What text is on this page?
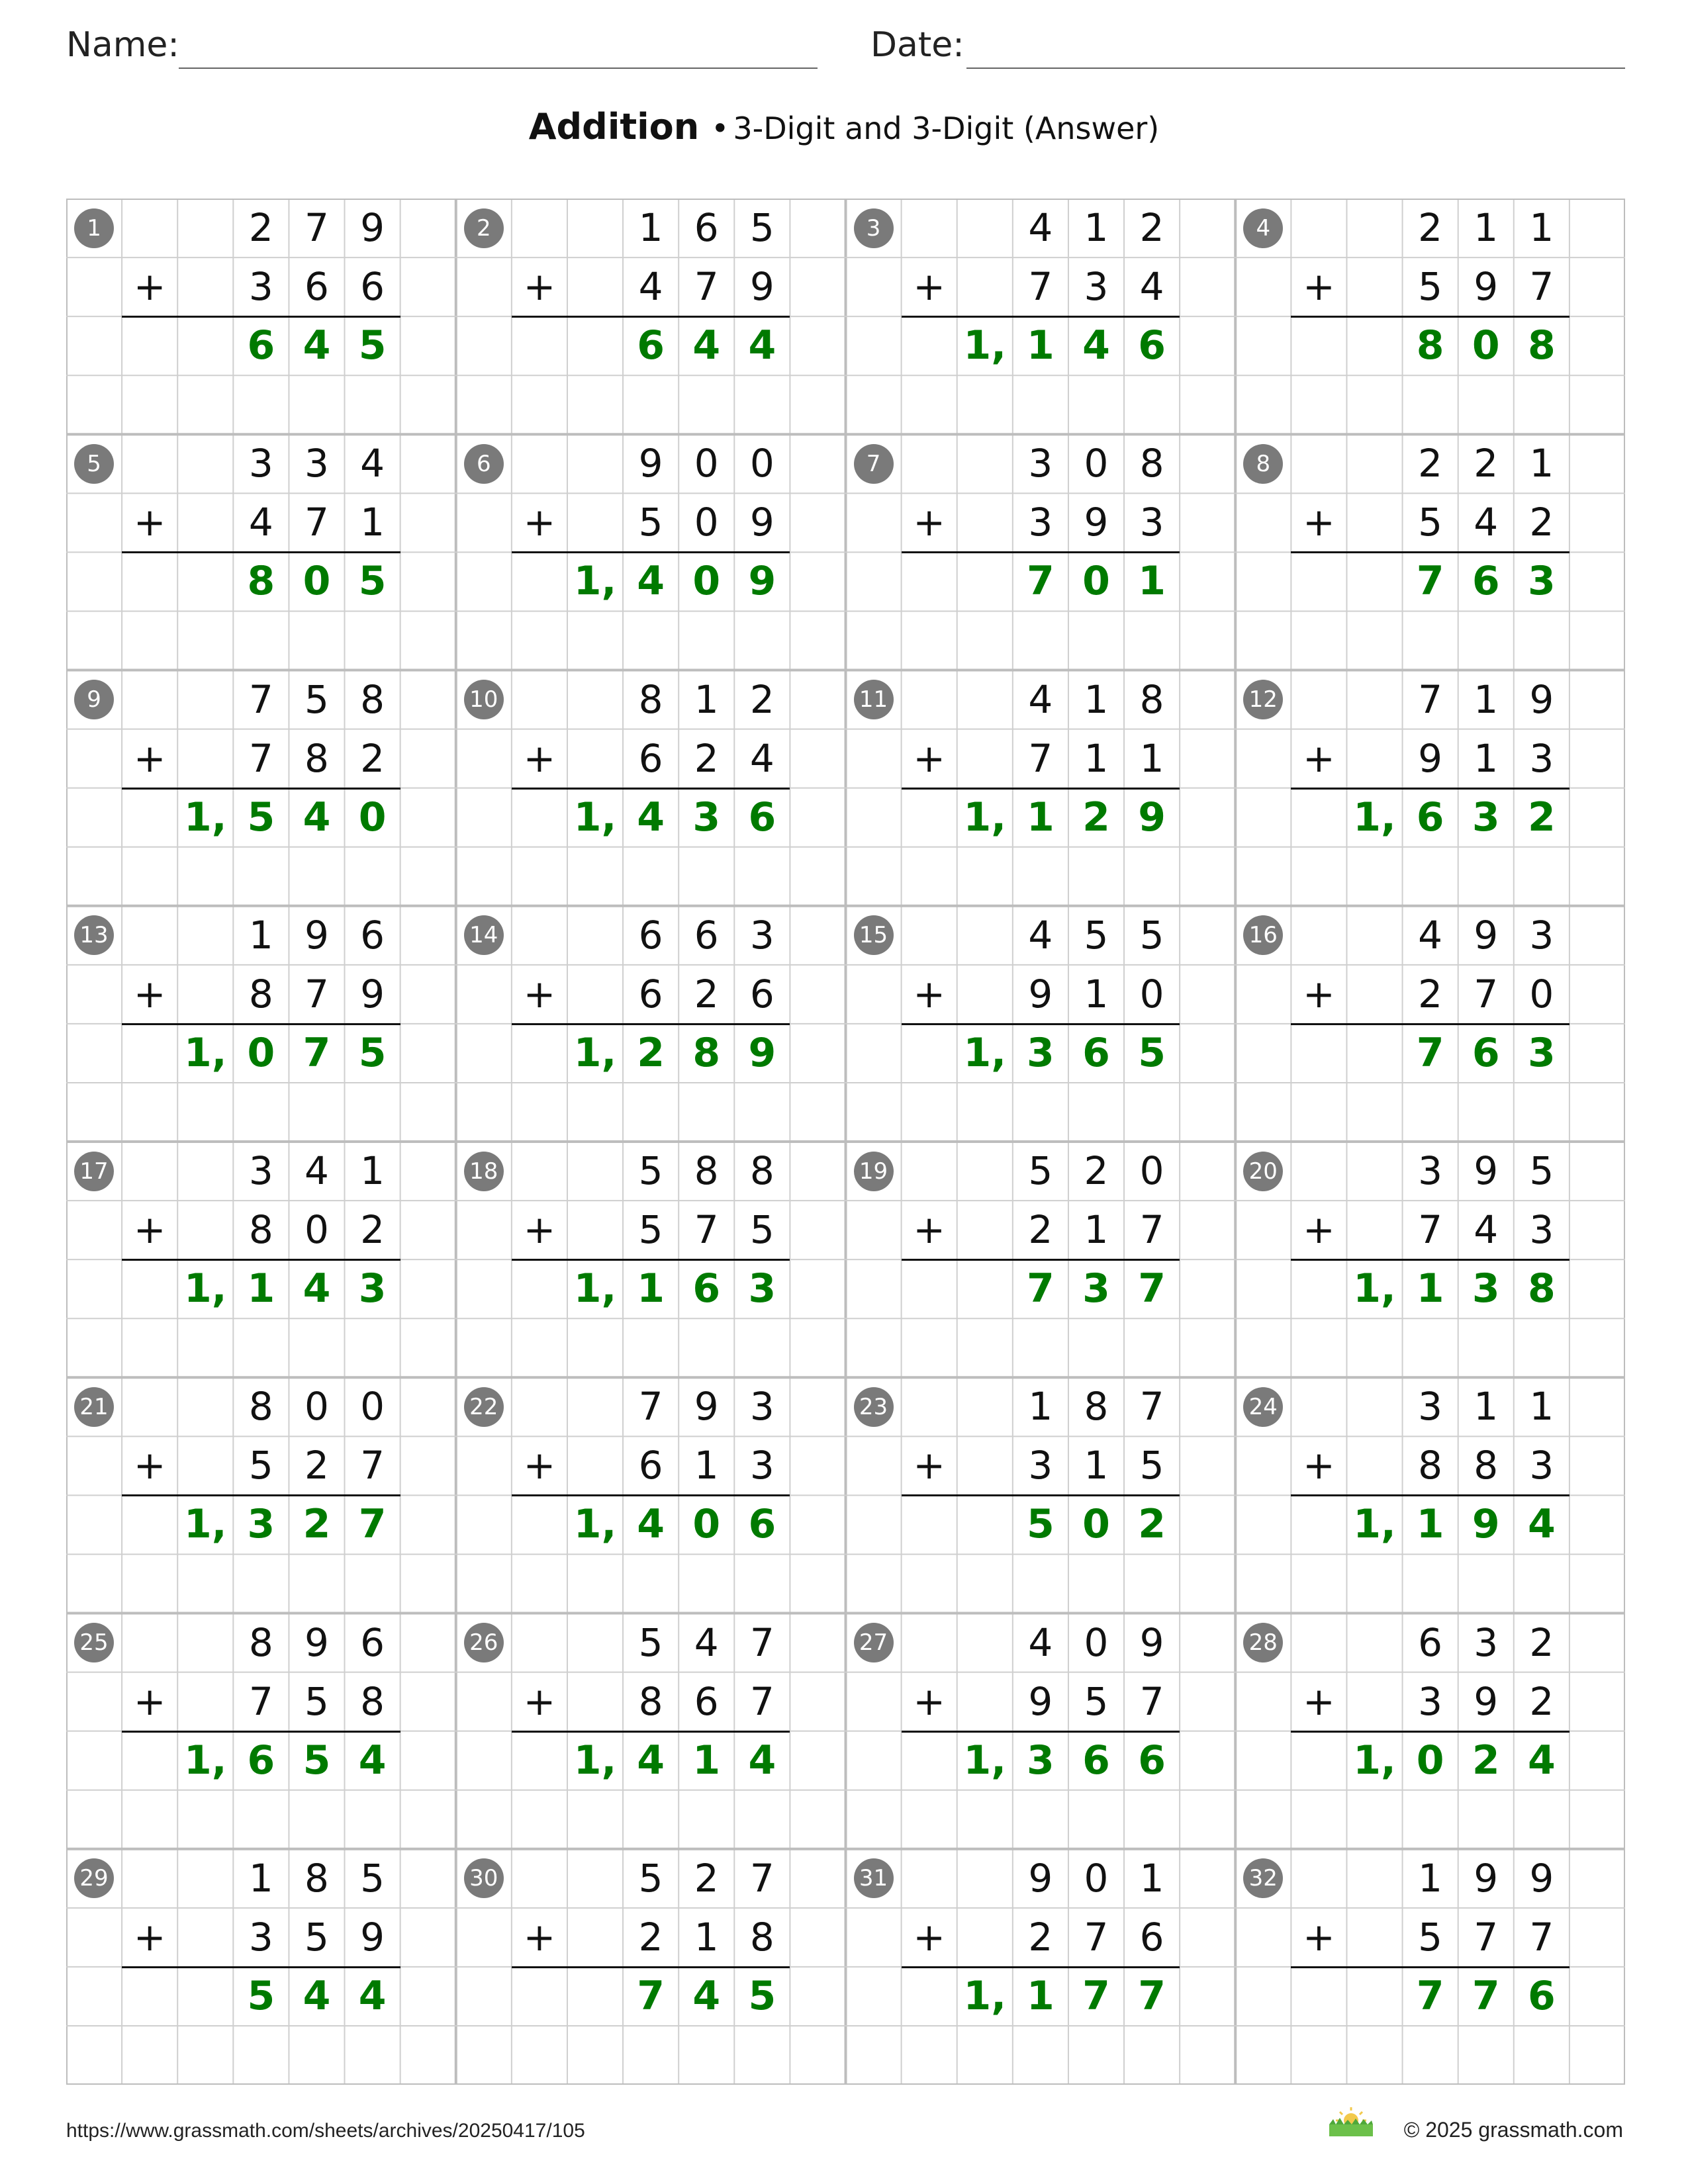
Name:	Date:
Addition • 3-Digit and 3-Digit (Answer)
1	2 7 9
+	3 6 6
6 4 5
2	1 6 5
+	4 7 9
6 4 4
3	4 1 2
+	7 3 4
1, 1 4 6
4	2 1 1
+	5 9 7
8 0 8
5	3 3 4
+	4 7 1
8 0 5
6	9 0 0
+	5 0 9
1, 4 0 9
7	3 0 8
+	3 9 3
7 0 1
8	2 2 1
+	5 4 2
7 6 3
9	7 5 8
+	7 8 2
1, 5 4 0
10	8 1 2
+	6 2 4
1, 4 3 6
11	4 1 8
+	7 1 1
1, 1 2 9
12	7 1 9
+	9 1 3
1, 6 3 2
13	1 9 6
+	8 7 9
1, 0 7 5
14	6 6 3
+	6 2 6
1, 2 8 9
15	4 5 5
+	9 1 0
1, 3 6 5
16	4 9 3
+	2 7 0
7 6 3
17	3 4 1
+	8 0 2
1, 1 4 3
18	5 8 8
+	5 7 5
1, 1 6 3
19	5 2 0
+	2 1 7
7 3 7
20	3 9 5
+	7 4 3
1, 1 3 8
21	8 0 0
+	5 2 7
1, 3 2 7
22	7 9 3
+	6 1 3
1, 4 0 6
23	1 8 7
+	3 1 5
5 0 2
24	3 1 1
+	8 8 3
1, 1 9 4
25	8 9 6
+	7 5 8
1, 6 5 4
26	5 4 7
+	8 6 7
1, 4 1 4
27	4 0 9
+	9 5 7
1, 3 6 6
28	6 3 2
+	3 9 2
1, 0 2 4
29	1 8 5
+	3 5 9
5 4 4
30	5 2 7
+	2 1 8
7 4 5
31	9 0 1
+	2 7 6
1, 1 7 7
32	1 9 9
+	5 7 7
7 7 6
https://www.grassmath.com/sheets/archives/20250417/105	© 2025 grassmath.com
